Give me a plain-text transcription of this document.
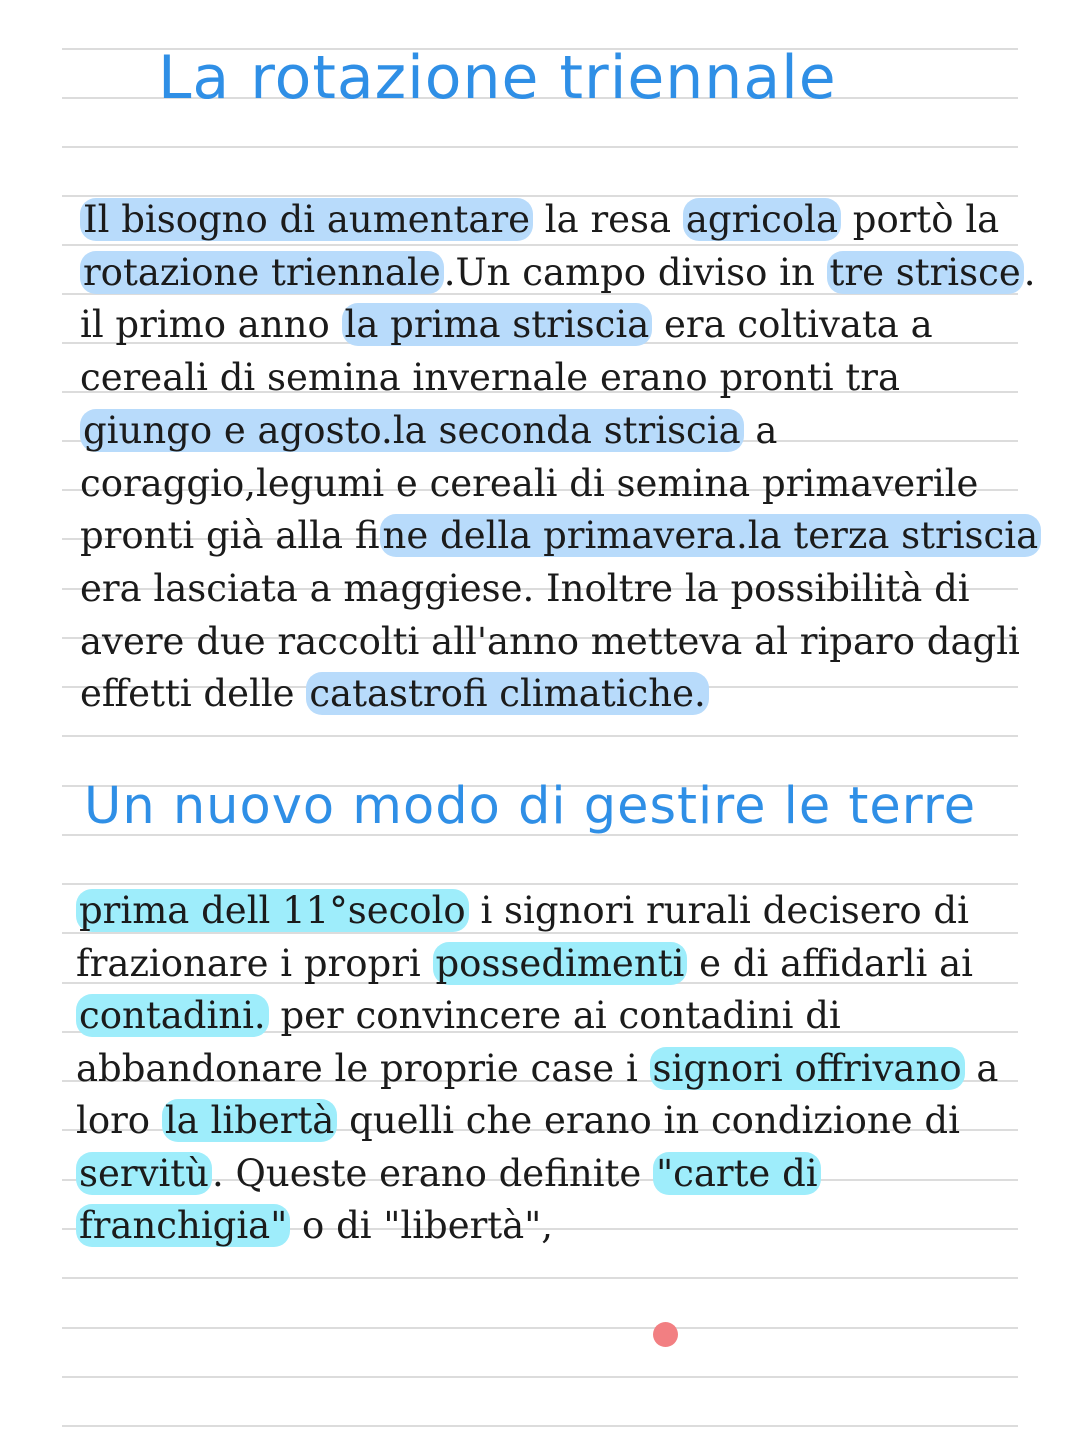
La rotazione triennale
Il bisogno di aumentare la resa agricola portò la
rotazione triennale.Un campo diviso in tre strisce.
il primo anno la prima striscia era coltivata a
cereali di semina invernale erano pronti tra
giungo e agosto.la seconda striscia a
coraggio,legumi e cereali di semina primaverile
pronti già alla fine della primavera.la terza striscia
era lasciata a maggiese. Inoltre la possibilità di
avere due raccolti all'anno metteva al riparo dagli
effetti delle catastrofi climatiche.
Un nuovo modo di gestire le terre
prima dell 11°secolo i signori rurali decisero di
frazionare i propri possedimenti e di affidarli ai
contadini. per convincere ai contadini di
abbandonare le proprie case i signori offrivano a
loro la libertà quelli che erano in condizione di
servitù. Queste erano definite "carte di
franchigia" o di "libertà",
